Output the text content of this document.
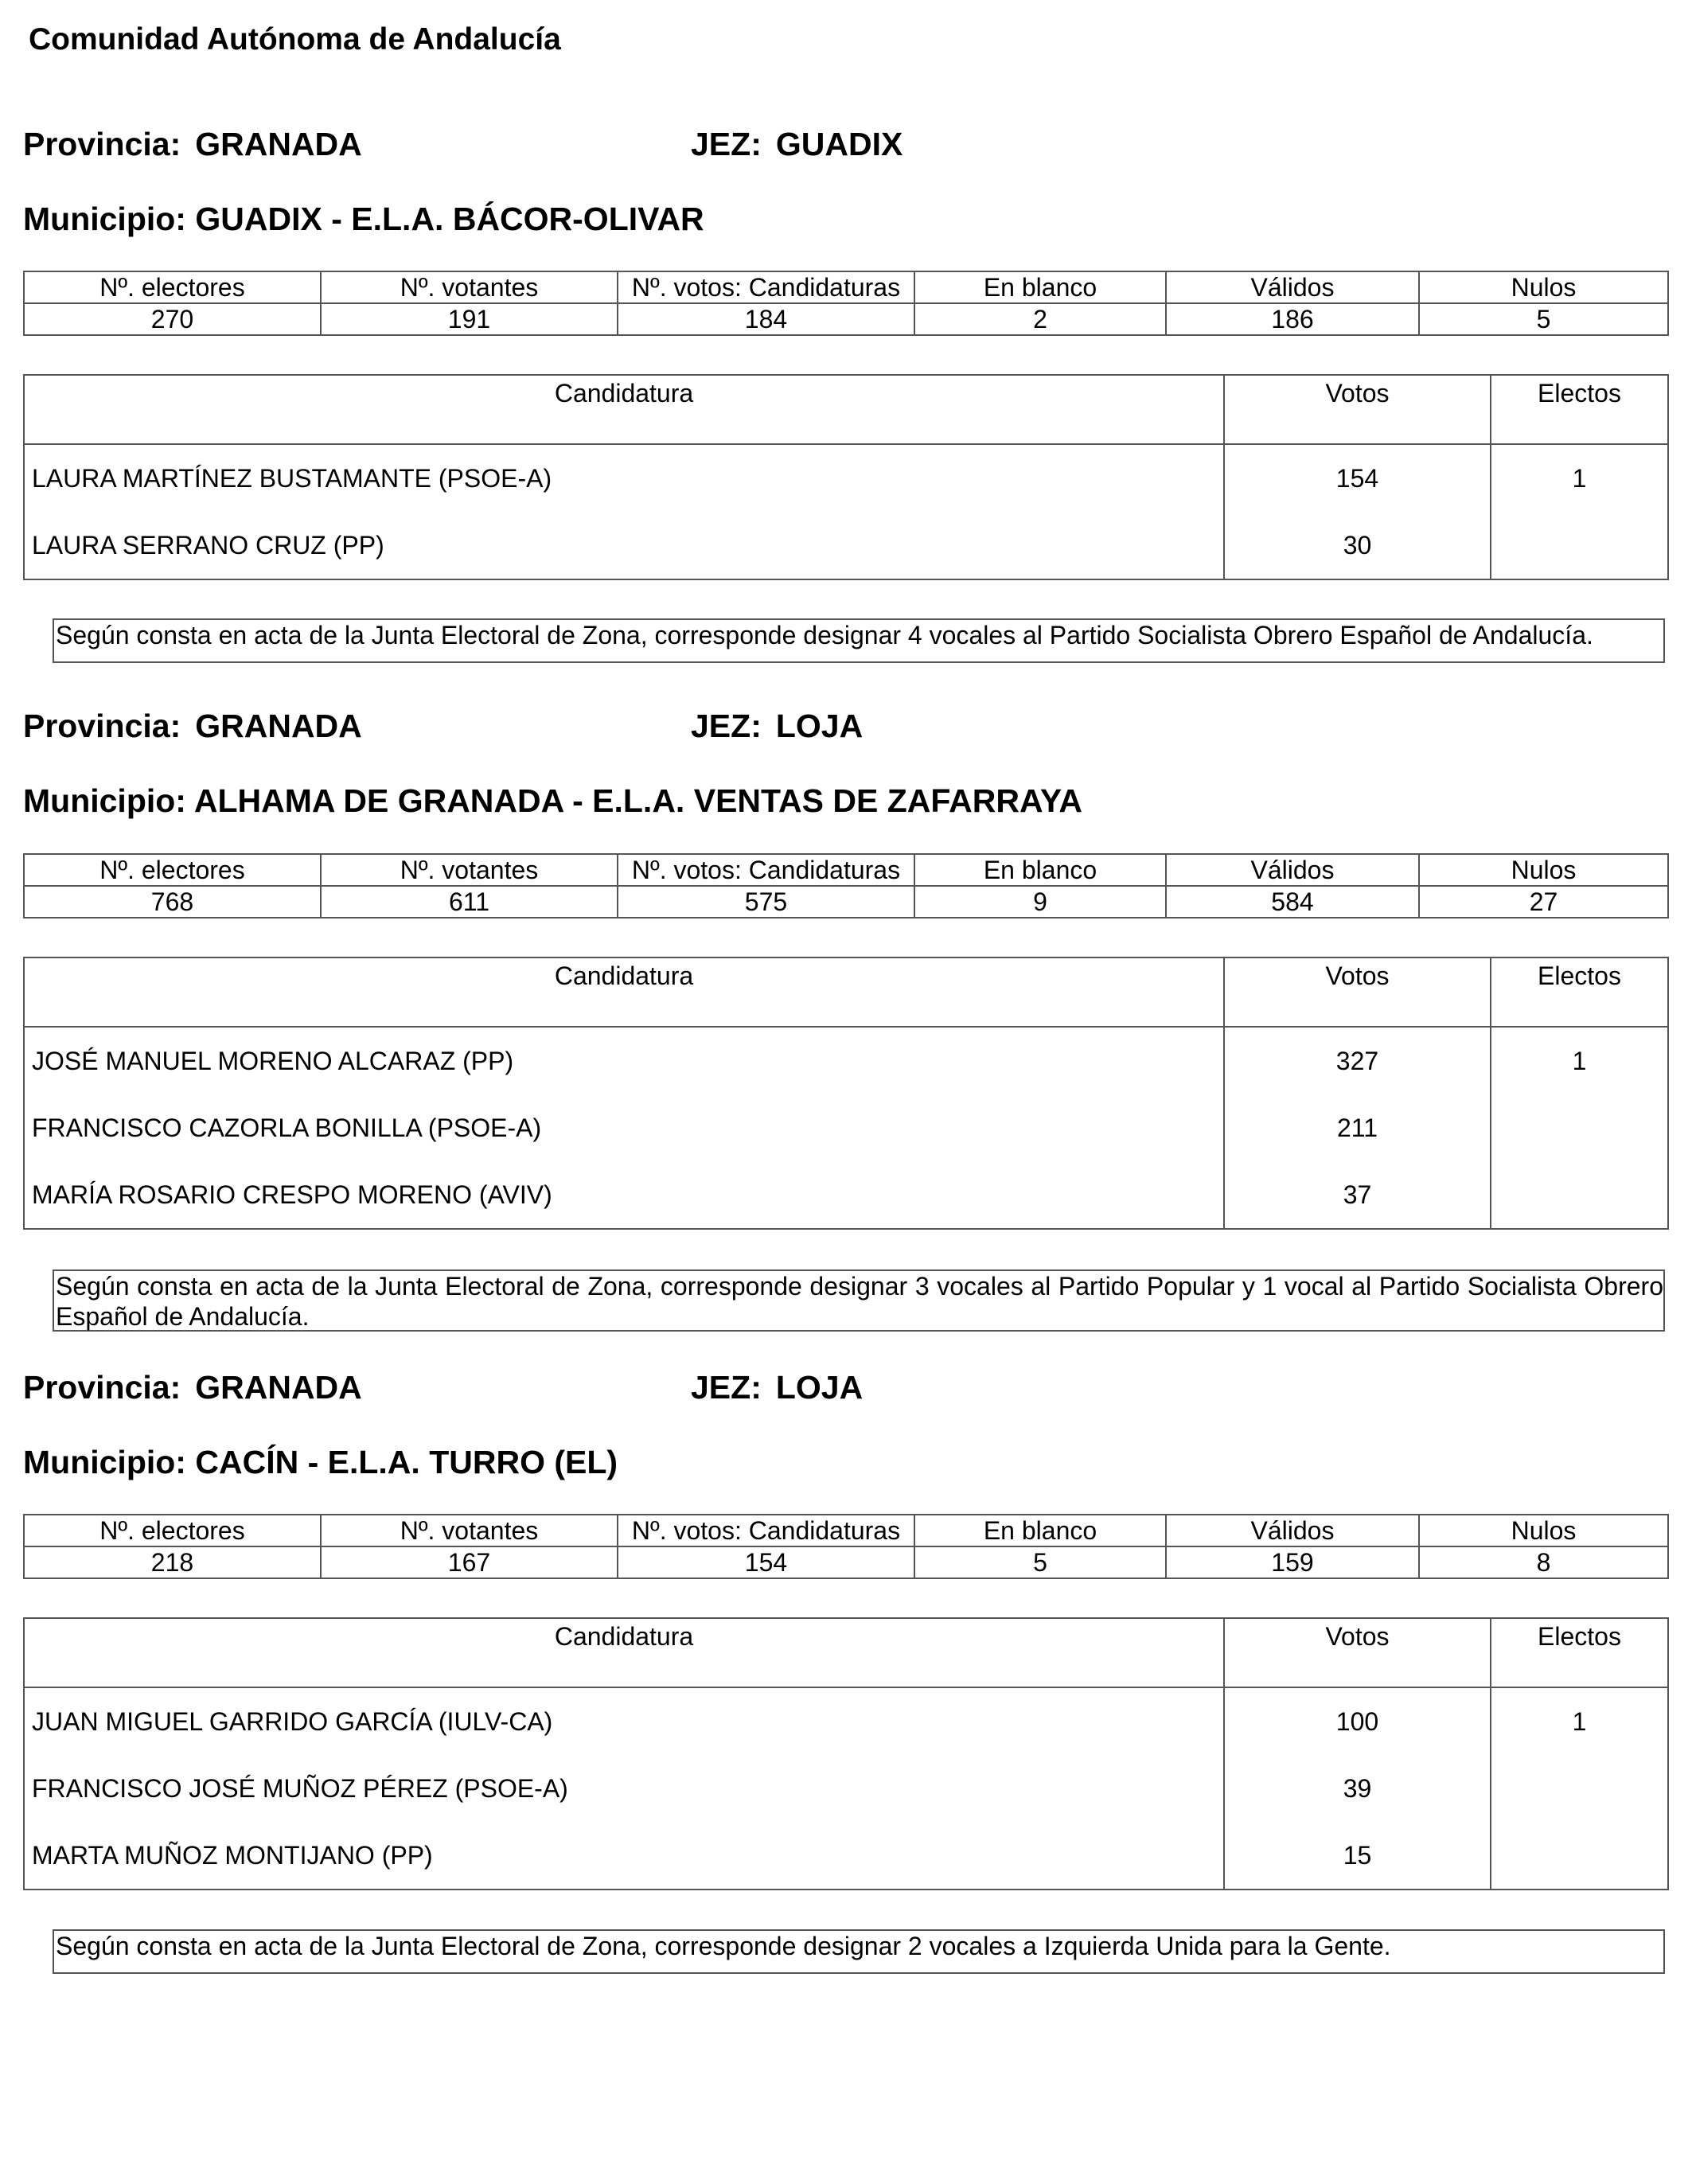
Comunidad Autónoma de Andalucía
Provincia: GRANADA	JEZ: GUADIX
Municipio: GUADIX - E.L.A. BÁCOR-OLIVAR
Nº. electores	Nº. votantes	Nº. votos: Candidaturas	En blanco	Válidos	Nulos
270	191	184	2	186	5
Candidatura	Votos	Electos
LAURA MARTÍNEZ BUSTAMANTE (PSOE-A)	154	1
LAURA SERRANO CRUZ (PP)	30	
Según consta en acta de la Junta Electoral de Zona, corresponde designar 4 vocales al Partido Socialista Obrero Español de Andalucía.
Provincia: GRANADA	JEZ: LOJA
Municipio: ALHAMA DE GRANADA - E.L.A. VENTAS DE ZAFARRAYA
Nº. electores	Nº. votantes	Nº. votos: Candidaturas	En blanco	Válidos	Nulos
768	611	575	9	584	27
Candidatura	Votos	Electos
JOSÉ MANUEL MORENO ALCARAZ (PP)	327	1
FRANCISCO CAZORLA BONILLA (PSOE-A)	211	
MARÍA ROSARIO CRESPO MORENO (AVIV)	37	
Según consta en acta de la Junta Electoral de Zona, corresponde designar 3 vocales al Partido Popular y 1 vocal al Partido Socialista Obrero Español de Andalucía.
Provincia: GRANADA	JEZ: LOJA
Municipio: CACÍN - E.L.A. TURRO (EL)
Nº. electores	Nº. votantes	Nº. votos: Candidaturas	En blanco	Válidos	Nulos
218	167	154	5	159	8
Candidatura	Votos	Electos
JUAN MIGUEL GARRIDO GARCÍA (IULV-CA)	100	1
FRANCISCO JOSÉ MUÑOZ PÉREZ (PSOE-A)	39	
MARTA MUÑOZ MONTIJANO (PP)	15	
Según consta en acta de la Junta Electoral de Zona, corresponde designar 2 vocales a Izquierda Unida para la Gente.
